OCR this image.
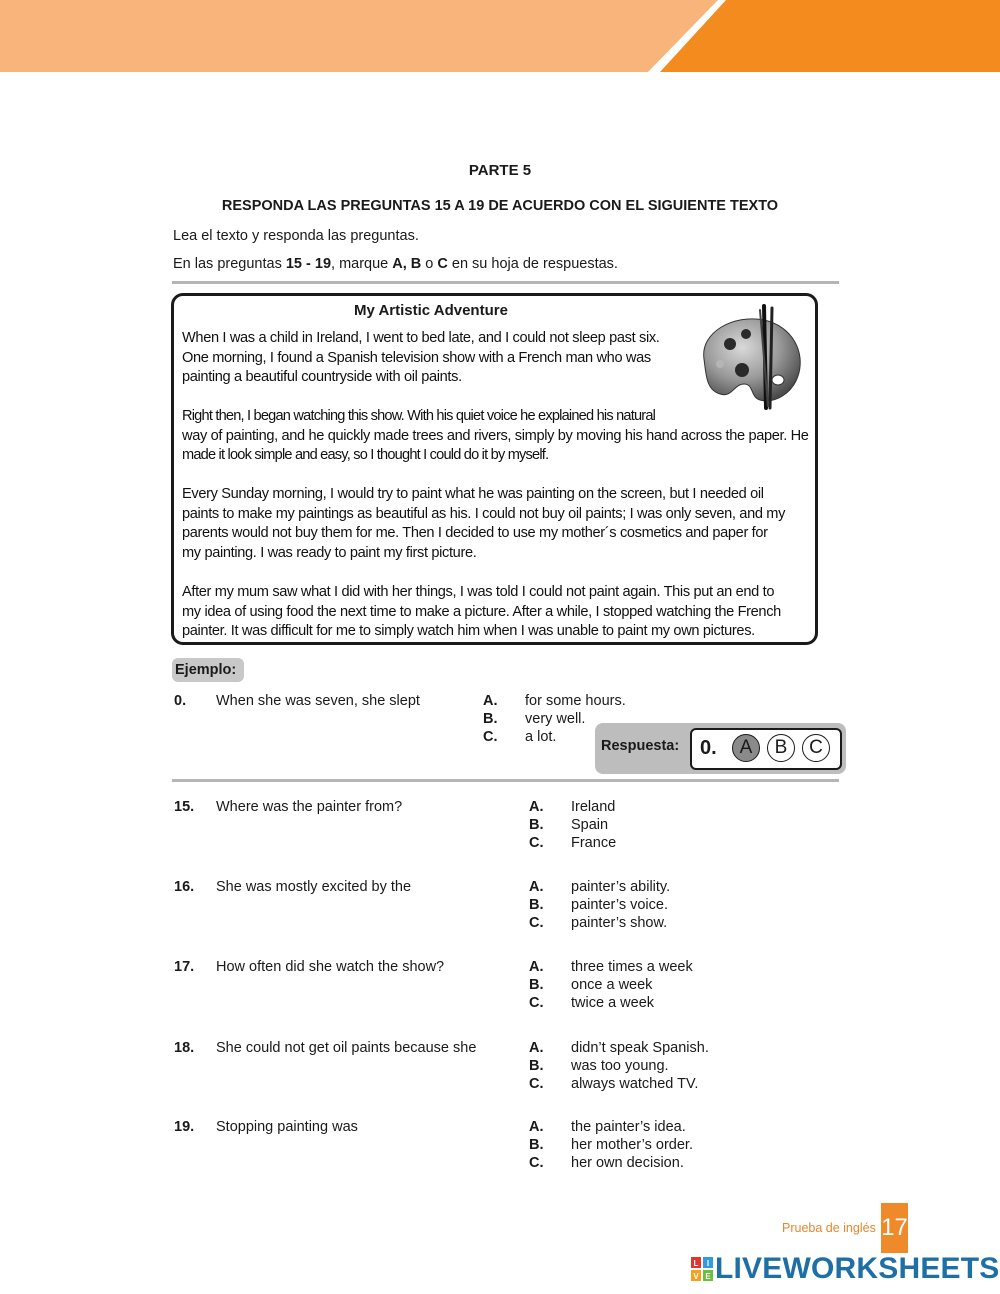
PARTE 5
RESPONDA LAS PREGUNTAS 15 A 19 DE ACUERDO CON EL SIGUIENTE TEXTO
Lea el texto y responda las preguntas.
En las preguntas 15 - 19, marque A, B o C en su hoja de respuestas.
My Artistic Adventure

When I was a child in Ireland, I went to bed late, and I could not sleep past six.
One morning, I found a Spanish television show with a French man who was
painting a beautiful countryside with oil paints.

Right then, I began watching this show. With his quiet voice he explained his natural
way of painting, and he quickly made trees and rivers, simply by moving his hand across the paper. He
made it look simple and easy, so I thought I could do it by myself.

Every Sunday morning, I would try to paint what he was painting on the screen, but I needed oil
paints to make my paintings as beautiful as his. I could not buy oil paints; I was only seven, and my
parents would not buy them for me. Then I decided to use my mother´s cosmetics and paper for
my painting. I was ready to paint my first picture.

After my mum saw what I did with her things, I was told I could not paint again. This put an end to
my idea of using food the next time to make a picture. After a while, I stopped watching the French
painter. It was difficult for me to simply watch him when I was unable to paint my own pictures.

Ejemplo:
0. When she was seven, she slept	A. for some hours.
B. very well.
C. a lot.
Respuesta: 0.	A	B	C
15. Where was the painter from?	A. Ireland
B. Spain
C. France
16. She was mostly excited by the	A. painter’s ability.
B. painter’s voice.
C. painter’s show.
17. How often did she watch the show?	A. three times a week
B. once a week
C. twice a week
18. She could not get oil paints because she	A. didn’t speak Spanish.
B. was too young.
C. always watched TV.
19. Stopping painting was	A. the painter’s idea.
B. her mother’s order.
C. her own decision.
Prueba de inglés 17
L I
V E LIVEWORKSHEETS
